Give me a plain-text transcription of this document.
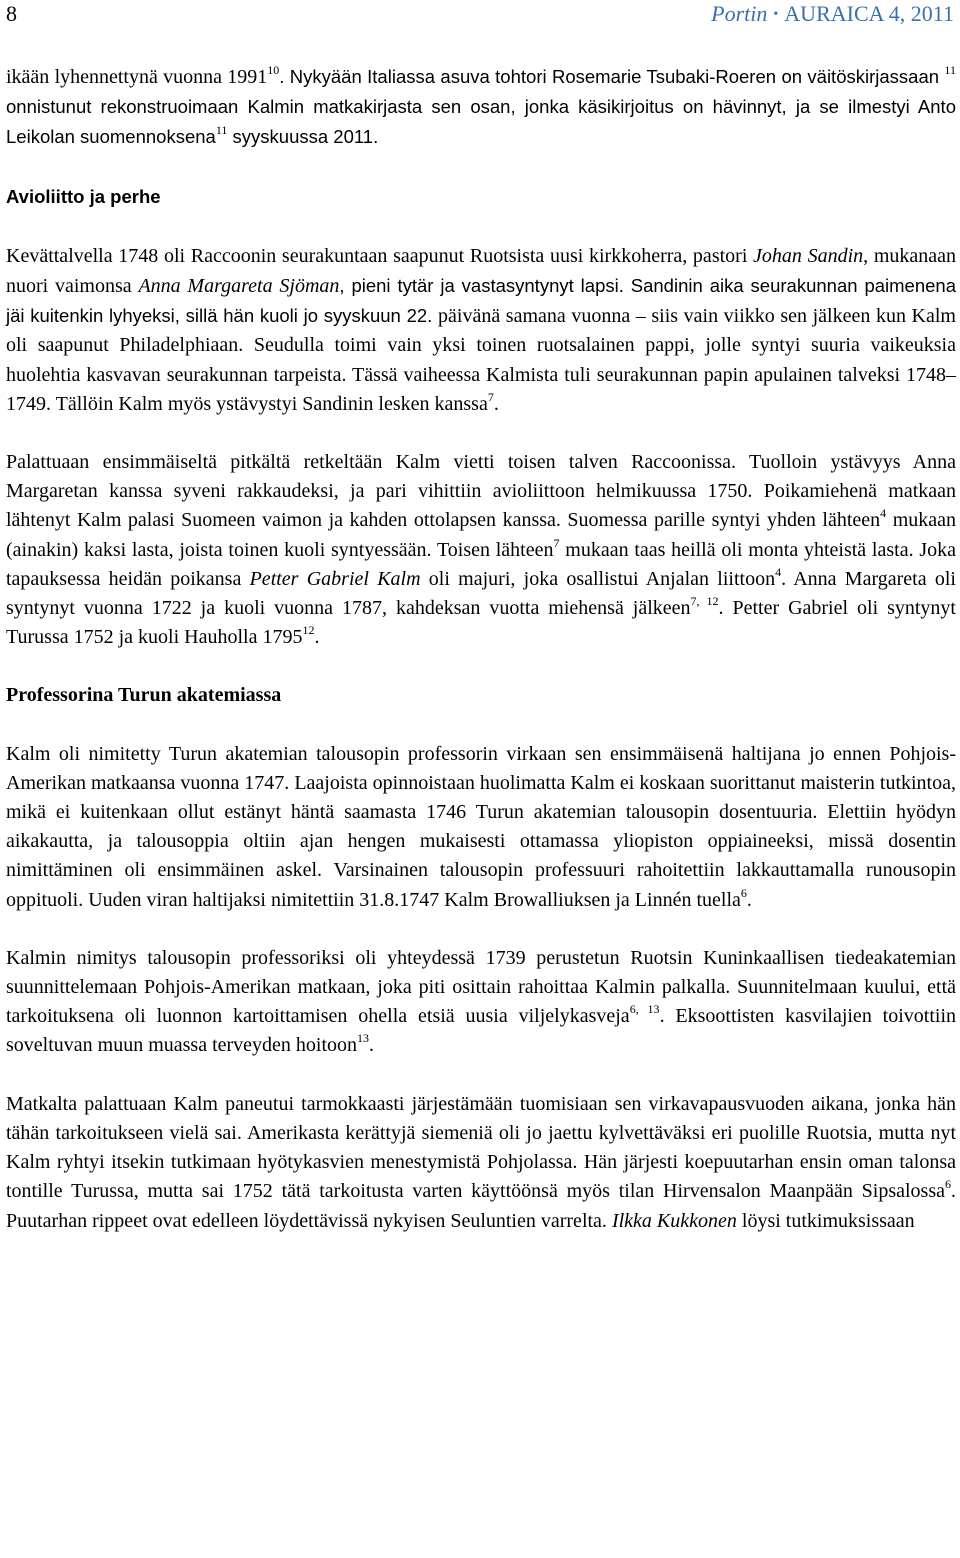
8	Portin • AURAICA 4, 2011

ikään lyhennettynä vuonna 1991$^{10}$. Nykyään Italiassa asuva tohtori Rosemarie Tsubaki-Roeren on väitöskirjassaan $^{11}$ onnistunut rekonstruoimaan Kalmin matkakirjasta sen osan, jonka käsikirjoitus on hävinnyt, ja se ilmestyi Anto Leikolan suomennoksena$^{11}$ syyskuussa 2011.

Avioliitto ja perhe

Kevättalvella 1748 oli Raccoonin seurakuntaan saapunut Ruotsista uusi kirkkoherra, pastori Johan Sandin, mukanaan nuori vaimonsa Anna Margareta Sjöman, pieni tytär ja vastasyntynyt lapsi. Sandinin aika seurakunnan paimenena jäi kuitenkin lyhyeksi, sillä hän kuoli jo syyskuun 22. päivänä samana vuonna – siis vain viikko sen jälkeen kun Kalm oli saapunut Philadelphiaan. Seudulla toimi vain yksi toinen ruotsalainen pappi, jolle syntyi suuria vaikeuksia huolehtia kasvavan seurakunnan tarpeista. Tässä vaiheessa Kalmista tuli seurakunnan papin apulainen talveksi 1748–1749. Tällöin Kalm myös ystävystyi Sandinin lesken kanssa$^7$.

Palattuaan ensimmäiseltä pitkältä retkeltään Kalm vietti toisen talven Raccoonissa. Tuolloin ystävyys Anna Margaretan kanssa syveni rakkaudeksi, ja pari vihittiin avioliittoon helmikuussa 1750. Poikamiehenä matkaan lähtenyt Kalm palasi Suomeen vaimon ja kahden ottolapsen kanssa. Suomessa parille syntyi yhden lähteen$^4$ mukaan (ainakin) kaksi lasta, joista toinen kuoli syntyessään. Toisen lähteen$^7$ mukaan taas heillä oli monta yhteistä lasta. Joka tapauksessa heidän poikansa Petter Gabriel Kalm oli majuri, joka osallistui Anjalan liittoon$^4$. Anna Margareta oli syntynyt vuonna 1722 ja kuoli vuonna 1787, kahdeksan vuotta miehensä jälkeen$^{7, 12}$. Petter Gabriel oli syntynyt Turussa 1752 ja kuoli Hauholla 1795$^{12}$.

Professorina Turun akatemiassa

Kalm oli nimitetty Turun akatemian talousopin professorin virkaan sen ensimmäisenä haltijana jo ennen Pohjois-Amerikan matkaansa vuonna 1747. Laajoista opinnoistaan huolimatta Kalm ei koskaan suorittanut maisterin tutkintoa, mikä ei kuitenkaan ollut estänyt häntä saamasta 1746 Turun akatemian talousopin dosentuuria. Elettiin hyödyn aikakautta, ja talousoppia oltiin ajan hengen mukaisesti ottamassa yliopiston oppiaineeksi, missä dosentin nimittäminen oli ensimmäinen askel. Varsinainen talousopin professuuri rahoitettiin lakkauttamalla runousopin oppituoli. Uuden viran haltijaksi nimitettiin 31.8.1747 Kalm Browalliuksen ja Linnén tuella$^6$.

Kalmin nimitys talousopin professoriksi oli yhteydessä 1739 perustetun Ruotsin Kuninkaallisen tiedeakatemian suunnittelemaan Pohjois-Amerikan matkaan, joka piti osittain rahoittaa Kalmin palkalla. Suunnitelmaan kuului, että tarkoituksena oli luonnon kartoittamisen ohella etsiä uusia viljelykasveja$^{6, 13}$. Eksoottisten kasvilajien toivottiin soveltuvan muun muassa terveyden hoitoon$^{13}$.

Matkalta palattuaan Kalm paneutui tarmokkaasti järjestämään tuomisiaan sen virkavapausvuoden aikana, jonka hän tähän tarkoitukseen vielä sai. Amerikasta kerättyjä siemeniä oli jo jaettu kylvettäväksi eri puolille Ruotsia, mutta nyt Kalm ryhtyi itsekin tutkimaan hyötykasvien menestymistä Pohjolassa. Hän järjesti koepuutarhan ensin oman talonsa tontille Turussa, mutta sai 1752 tätä tarkoitusta varten käyttöönsä myös tilan Hirvensalon Maanpään Sipsalossa$^6$. Puutarhan rippeet ovat edelleen löydettävissä nykyisen Seuluntien varrelta. Ilkka Kukkonen löysi tutkimuksissaan
